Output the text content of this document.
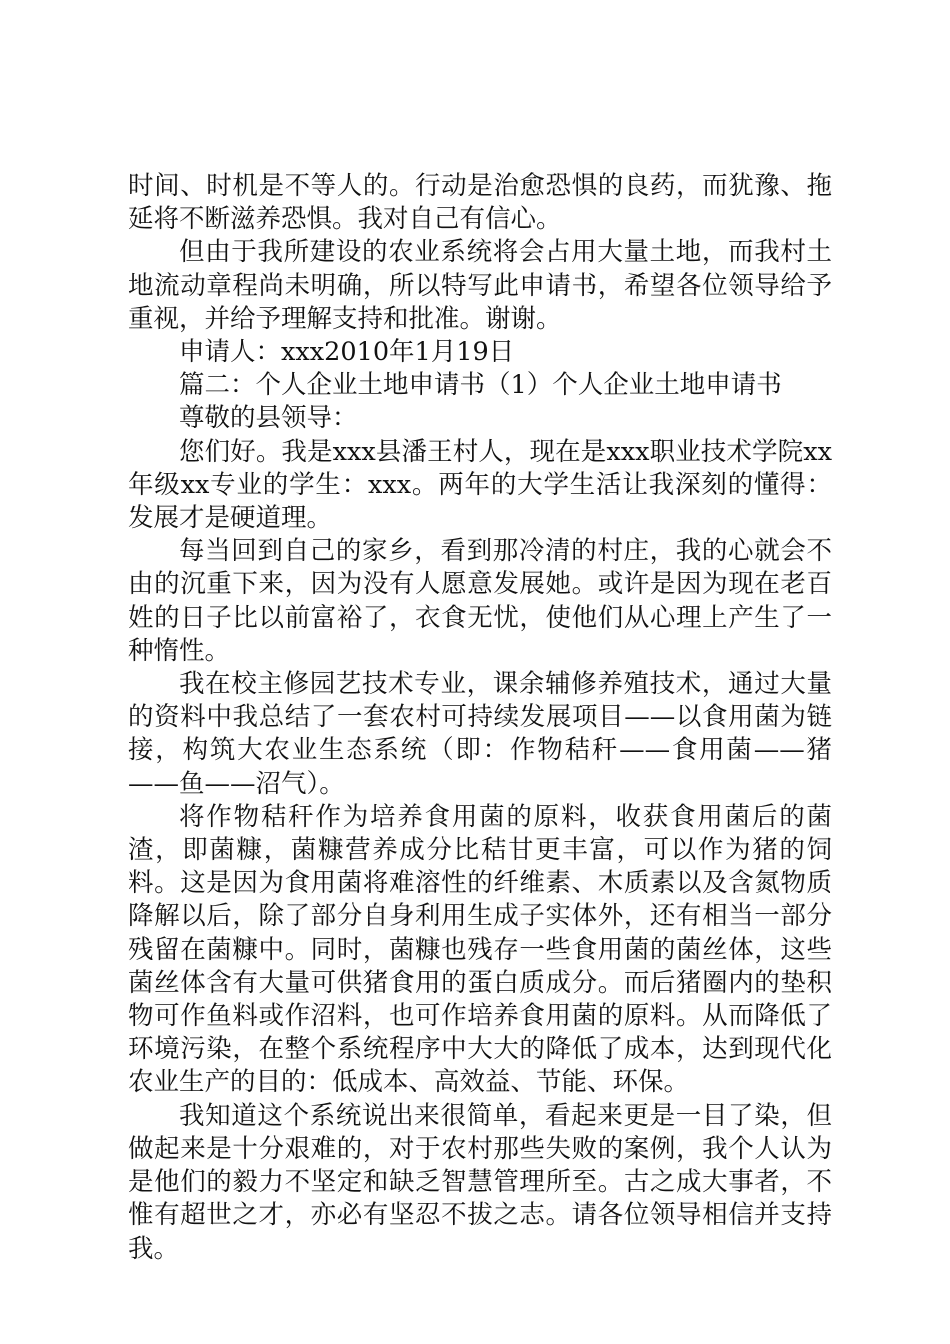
时间、时机是不等人的。行动是治愈恐惧的良药，而犹豫、拖延将不断滋养恐惧。我对自己有信心。

但由于我所建设的农业系统将会占用大量土地，而我村土地流动章程尚未明确，所以特写此申请书，希望各位领导给予重视，并给予理解支持和批准。谢谢。

申请人：xxx2010年1月19日

篇二：个人企业土地申请书（1）个人企业土地申请书

尊敬的县领导：

您们好。我是xxx县潘王村人，现在是xxx职业技术学院xx年级xx专业的学生：xxx。两年的大学生活让我深刻的懂得：发展才是硬道理。

每当回到自己的家乡，看到那冷清的村庄，我的心就会不由的沉重下来，因为没有人愿意发展她。或许是因为现在老百姓的日子比以前富裕了，衣食无忧，使他们从心理上产生了一种惰性。

我在校主修园艺技术专业，课余辅修养殖技术，通过大量的资料中我总结了一套农村可持续发展项目——以食用菌为链接，构筑大农业生态系统（即：作物秸秆——食用菌——猪——鱼——沼气）。

将作物秸秆作为培养食用菌的原料，收获食用菌后的菌渣，即菌糠，菌糠营养成分比秸甘更丰富，可以作为猪的饲料。这是因为食用菌将难溶性的纤维素、木质素以及含氮物质降解以后，除了部分自身利用生成子实体外，还有相当一部分残留在菌糠中。同时，菌糠也残存一些食用菌的菌丝体，这些菌丝体含有大量可供猪食用的蛋白质成分。而后猪圈内的垫积物可作鱼料或作沼料，也可作培养食用菌的原料。从而降低了环境污染，在整个系统程序中大大的降低了成本，达到现代化农业生产的目的：低成本、高效益、节能、环保。

我知道这个系统说出来很简单，看起来更是一目了染，但做起来是十分艰难的，对于农村那些失败的案例，我个人认为是他们的毅力不坚定和缺乏智慧管理所至。古之成大事者，不惟有超世之才，亦必有坚忍不拔之志。请各位领导相信并支持我。
